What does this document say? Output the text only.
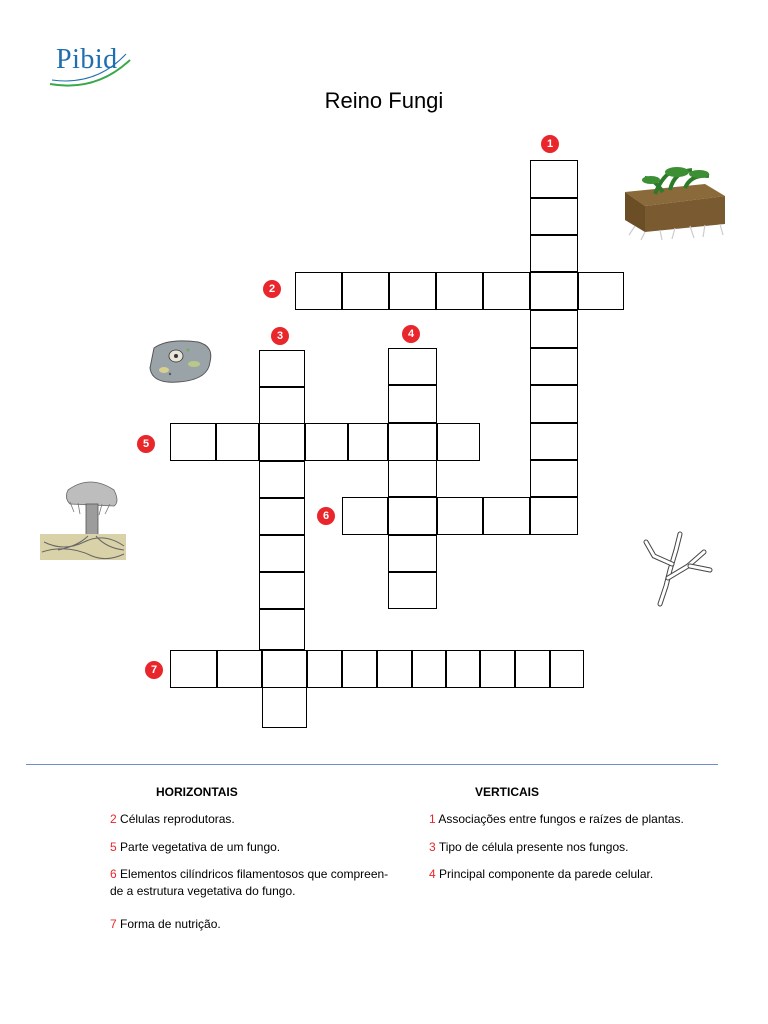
Pibid
Reino Fungi
1
2
3	4
5
6
7
HORIZONTAIS	VERTICAIS
2 Células reprodutoras.
5 Parte vegetativa de um fungo.
6 Elementos cilíndricos filamentosos que compreen-
de a estrutura vegetativa do fungo.
7 Forma de nutrição.
1 Associações entre fungos e raízes de plantas.
3 Tipo de célula presente nos fungos.
4 Principal componente da parede celular.
